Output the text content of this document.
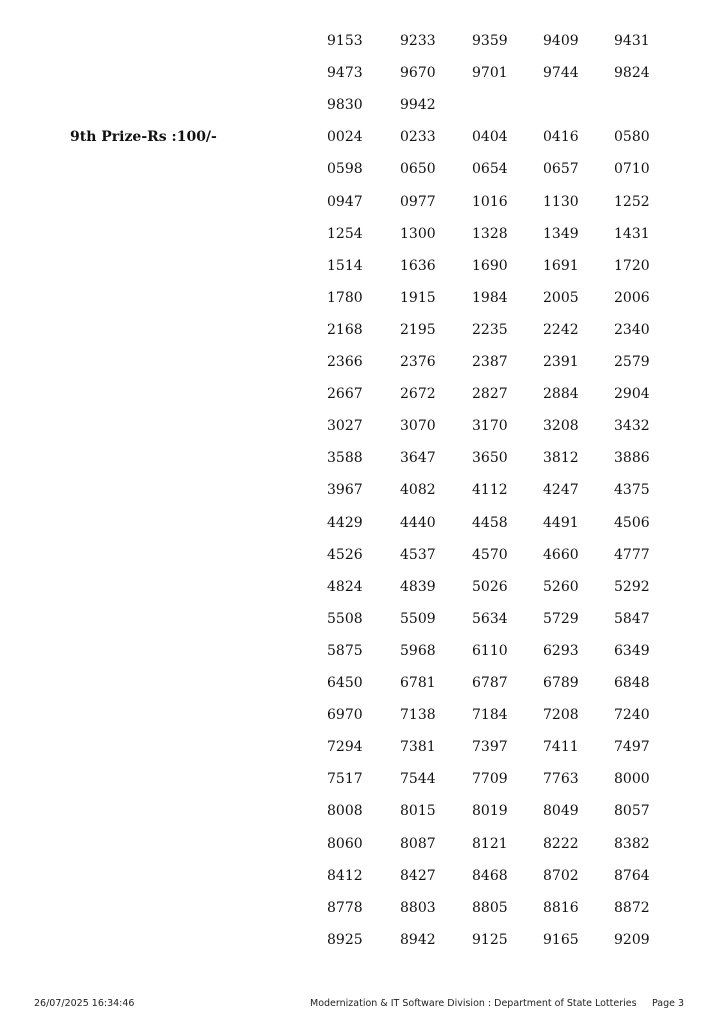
9153	9233	9359	9409	9431
9473	9670	9701	9744	9824
9830	9942
9th Prize-Rs :100/-	0024	0233	0404	0416	0580
0598	0650	0654	0657	0710
0947	0977	1016	1130	1252
1254	1300	1328	1349	1431
1514	1636	1690	1691	1720
1780	1915	1984	2005	2006
2168	2195	2235	2242	2340
2366	2376	2387	2391	2579
2667	2672	2827	2884	2904
3027	3070	3170	3208	3432
3588	3647	3650	3812	3886
3967	4082	4112	4247	4375
4429	4440	4458	4491	4506
4526	4537	4570	4660	4777
4824	4839	5026	5260	5292
5508	5509	5634	5729	5847
5875	5968	6110	6293	6349
6450	6781	6787	6789	6848
6970	7138	7184	7208	7240
7294	7381	7397	7411	7497
7517	7544	7709	7763	8000
8008	8015	8019	8049	8057
8060	8087	8121	8222	8382
8412	8427	8468	8702	8764
8778	8803	8805	8816	8872
8925	8942	9125	9165	9209
26/07/2025 16:34:46	Modernization & IT Software Division : Department of State Lotteries Page 3
